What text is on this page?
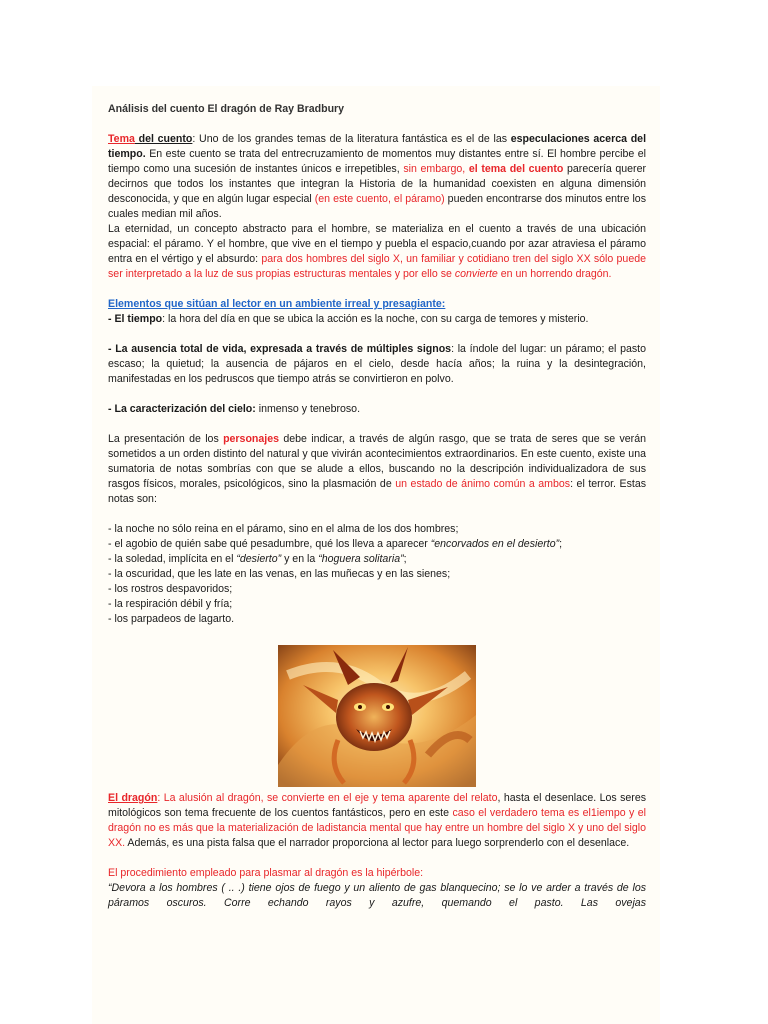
Análisis del cuento El dragón de Ray Bradbury

Tema del cuento: Uno de los grandes temas de la literatura fantástica es el de las especulaciones acerca del tiempo. En este cuento se trata del entrecruzamiento de momentos muy distantes entre sí. El hombre percibe el tiempo como una sucesión de instantes únicos e irrepetibles, sin embargo, el tema del cuento parecería querer decirnos que todos los instantes que integran la Historia de la humanidad coexisten en alguna dimensión desconocida, y que en algún lugar especial (en este cuento, el páramo) pueden encontrarse dos minutos entre los cuales median mil años.

La eternidad, un concepto abstracto para el hombre, se materializa en el cuento a través de una ubicación espacial: el páramo. Y el hombre, que vive en el tiempo y puebla el espacio,cuando por azar atraviesa el páramo entra en el vértigo y el absurdo: para dos hombres del siglo X, un familiar y cotidiano tren del siglo XX sólo puede ser interpretado a la luz de sus propias estructuras mentales y por ello se convierte en un horrendo dragón.

Elementos que sitúan al lector en un ambiente irreal y presagiante:

- El tiempo: la hora del día en que se ubica la acción es la noche, con su carga de temores y misterio.

- La ausencia total de vida, expresada a través de múltiples signos: la índole del lugar: un páramo; el pasto escaso; la quietud; la ausencia de pájaros en el cielo, desde hacía años; la ruina y la desintegración, manifestadas en los pedruscos que tiempo atrás se convirtieron en polvo.

- La caracterización del cielo: inmenso y tenebroso.

La presentación de los personajes debe indicar, a través de algún rasgo, que se trata de seres que se verán sometidos a un orden distinto del natural y que vivirán acontecimientos extraordinarios. En este cuento, existe una sumatoria de notas sombrías con que se alude a ellos, buscando no la descripción individualizadora de sus rasgos físicos, morales, psicológicos, sino la plasmación de un estado de ánimo común a ambos: el terror. Estas notas son:

- la noche no sólo reina en el páramo, sino en el alma de los dos hombres;

- el agobio de quién sabe qué pesadumbre, qué los lleva a aparecer “encorvados en el desierto”;

- la soledad, implícita en el “desierto” y en la “hoguera solitaria”;

- la oscuridad, que les late en las venas, en las muñecas y en las sienes;

- los rostros despavoridos;

- la respiración débil y fría;

- los parpadeos de lagarto.

El dragón: La alusión al dragón, se convierte en el eje y tema aparente del relato, hasta el desenlace. Los seres mitológicos son tema frecuente de los cuentos fantásticos, pero en este caso el verdadero tema es el1iempo y el dragón no es más que la materialización de ladistancia mental que hay entre un hombre del siglo X y uno del siglo XX. Además, es una pista falsa que el narrador proporciona al lector para luego sorprenderlo con el desenlace.

El procedimiento empleado para plasmar al dragón es la hipérbole:

“Devora a los hombres ( .. .) tiene ojos de fuego y un aliento de gas blanquecino; se lo ve arder a través de los páramos oscuros. Corre echando rayos y azufre, quemando el pasto. Las ovejas
